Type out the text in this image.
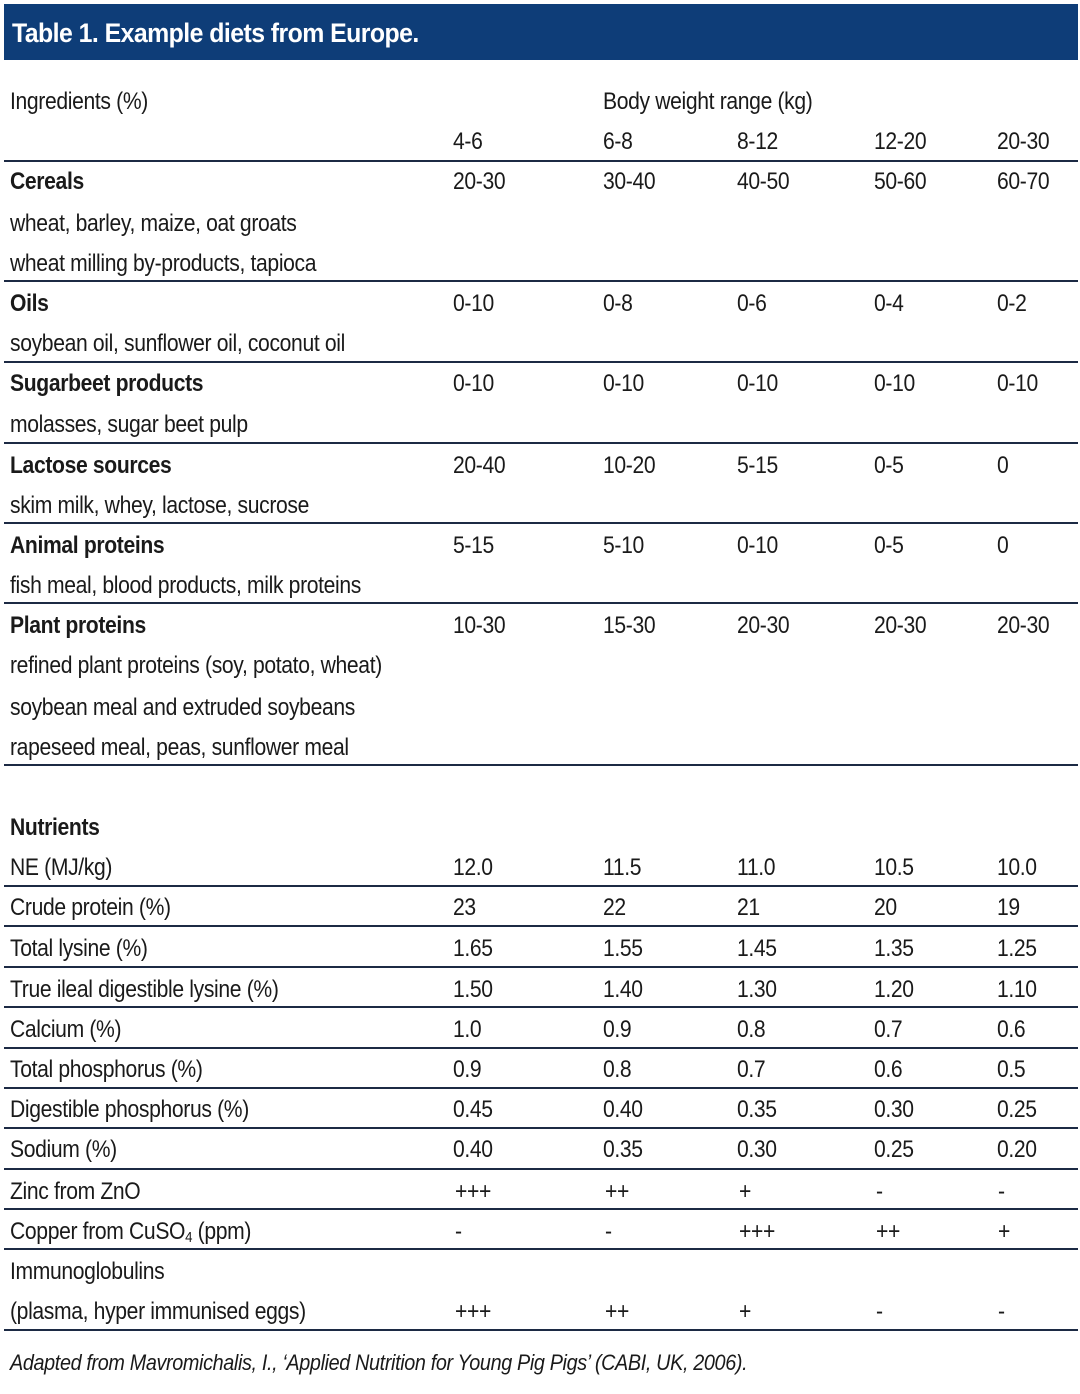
Table 1. Example diets from Europe.
Ingredients (%)	Body weight range (kg)
4-6	6-8	8-12	12-20	20-30
Cereals	20-30	30-40	40-50	50-60	60-70
wheat, barley, maize, oat groats
wheat milling by-products, tapioca
Oils	0-10	0-8	0-6	0-4	0-2
soybean oil, sunflower oil, coconut oil
Sugarbeet products	0-10	0-10	0-10	0-10	0-10
molasses, sugar beet pulp
Lactose sources	20-40	10-20	5-15	0-5	0
skim milk, whey, lactose, sucrose
Animal proteins	5-15	5-10	0-10	0-5	0
fish meal, blood products, milk proteins
Plant proteins	10-30	15-30	20-30	20-30	20-30
refined plant proteins (soy, potato, wheat)
soybean meal and extruded soybeans
rapeseed meal, peas, sunflower meal
Nutrients
NE (MJ/kg)	12.0	11.5	11.0	10.5	10.0
Crude protein (%)	23	22	21	20	19
Total lysine (%)	1.65	1.55	1.45	1.35	1.25
True ileal digestible lysine (%)	1.50	1.40	1.30	1.20	1.10
Calcium (%)	1.0	0.9	0.8	0.7	0.6
Total phosphorus (%)	0.9	0.8	0.7	0.6	0.5
Digestible phosphorus (%)	0.45	0.40	0.35	0.30	0.25
Sodium (%)	0.40	0.35	0.30	0.25	0.20
Zinc from ZnO	+++	++	+	-	-
Copper from CuSO$_4$ (ppm)	-	-	+++	++	+
Immunoglobulins
(plasma, hyper immunised eggs)	+++	++	+	-	-
Adapted from Mavromichalis, I., ‘Applied Nutrition for Young Pig Pigs’ (CABI, UK, 2006).
